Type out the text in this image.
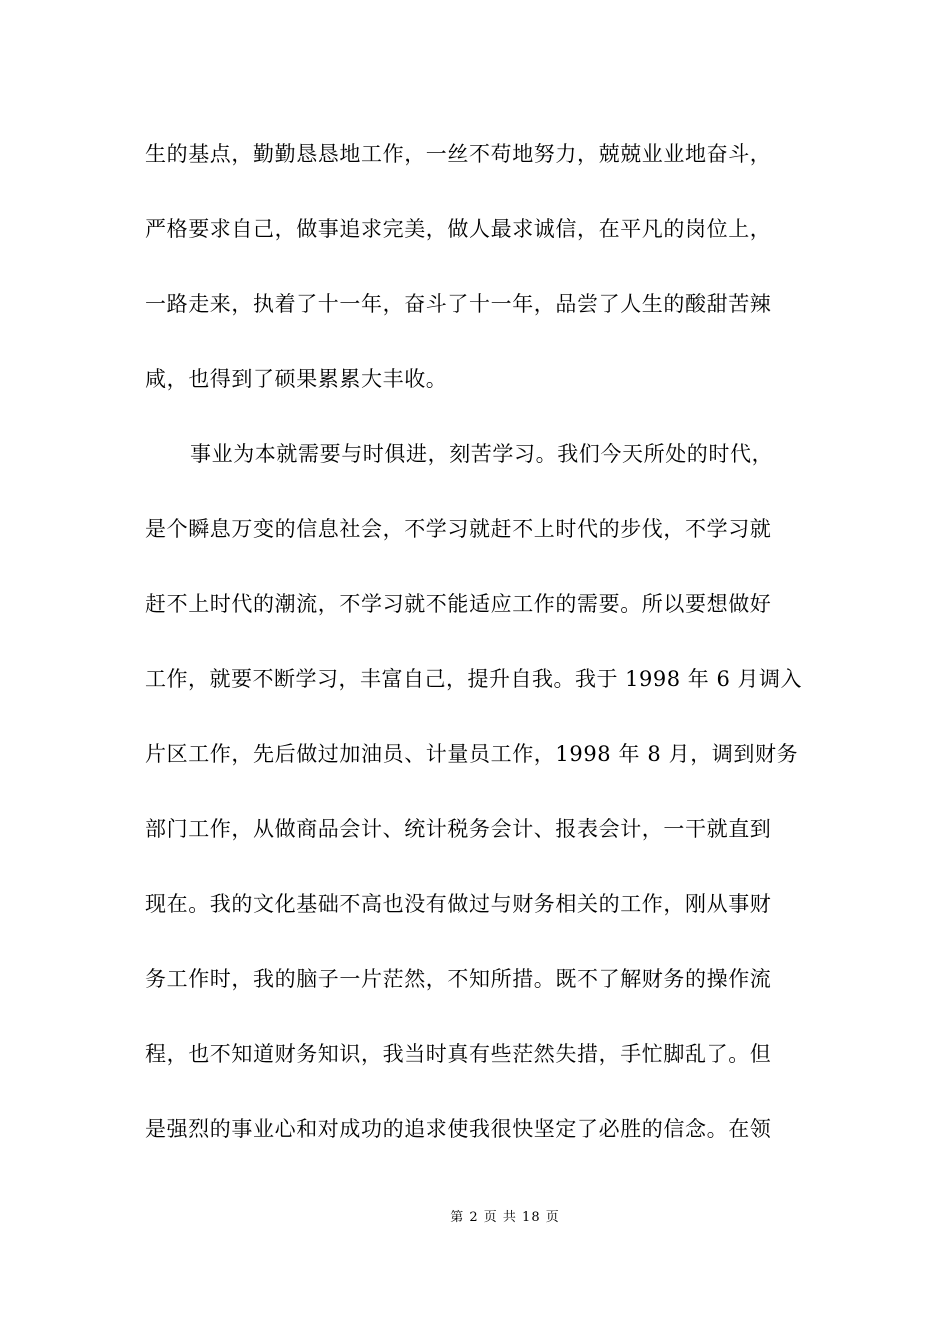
生的基点，勤勤恳恳地工作，一丝不苟地努力，兢兢业业地奋斗，
严格要求自己，做事追求完美，做人最求诚信，在平凡的岗位上，
一路走来，执着了十一年，奋斗了十一年，品尝了人生的酸甜苦辣
咸，也得到了硕果累累大丰收。
事业为本就需要与时俱进，刻苦学习。我们今天所处的时代，
是个瞬息万变的信息社会，不学习就赶不上时代的步伐，不学习就
赶不上时代的潮流，不学习就不能适应工作的需要。所以要想做好
工作，就要不断学习，丰富自己，提升自我。我于 1998 年 6 月调入
片区工作，先后做过加油员、计量员工作，1998 年 8 月，调到财务
部门工作，从做商品会计、统计税务会计、报表会计，一干就直到
现在。我的文化基础不高也没有做过与财务相关的工作，刚从事财
务工作时，我的脑子一片茫然，不知所措。既不了解财务的操作流
程，也不知道财务知识，我当时真有些茫然失措，手忙脚乱了。但
是强烈的事业心和对成功的追求使我很快坚定了必胜的信念。在领
第 2 页 共 18 页
